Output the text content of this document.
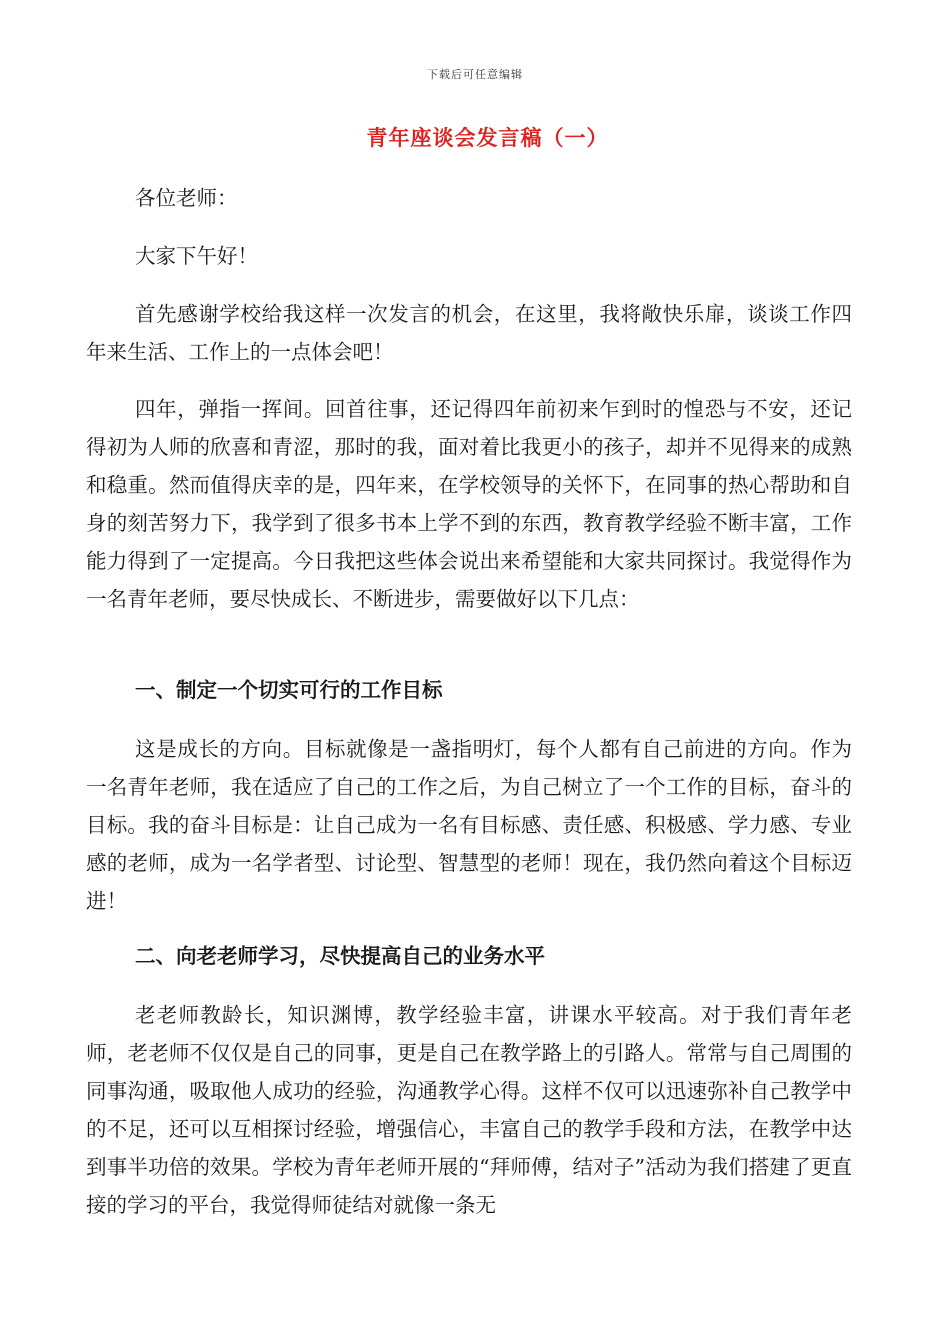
下载后可任意编辑
青年座谈会发言稿（一）
各位老师：
大家下午好！
首先感谢学校给我这样一次发言的机会，在这里，我将敞快乐扉，谈谈工作四年来生活、工作上的一点体会吧！
四年，弹指一挥间。回首往事，还记得四年前初来乍到时的惶恐与不安，还记得初为人师的欣喜和青涩，那时的我，面对着比我更小的孩子，却并不见得来的成熟和稳重。然而值得庆幸的是，四年来，在学校领导的关怀下，在同事的热心帮助和自身的刻苦努力下，我学到了很多书本上学不到的东西，教育教学经验不断丰富，工作能力得到了一定提高。今日我把这些体会说出来希望能和大家共同探讨。我觉得作为一名青年老师，要尽快成长、不断进步，需要做好以下几点：
一、制定一个切实可行的工作目标
这是成长的方向。目标就像是一盏指明灯，每个人都有自己前进的方向。作为一名青年老师，我在适应了自己的工作之后，为自己树立了一个工作的目标，奋斗的目标。我的奋斗目标是：让自己成为一名有目标感、责任感、积极感、学力感、专业感的老师，成为一名学者型、讨论型、智慧型的老师！现在，我仍然向着这个目标迈进！
二、向老老师学习，尽快提高自己的业务水平
老老师教龄长，知识渊博，教学经验丰富，讲课水平较高。对于我们青年老师，老老师不仅仅是自己的同事，更是自己在教学路上的引路人。常常与自己周围的同事沟通，吸取他人成功的经验，沟通教学心得。这样不仅可以迅速弥补自己教学中的不足，还可以互相探讨经验，增强信心，丰富自己的教学手段和方法，在教学中达到事半功倍的效果。学校为青年老师开展的“拜师傅，结对子”活动为我们搭建了更直接的学习的平台，我觉得师徒结对就像一条无
